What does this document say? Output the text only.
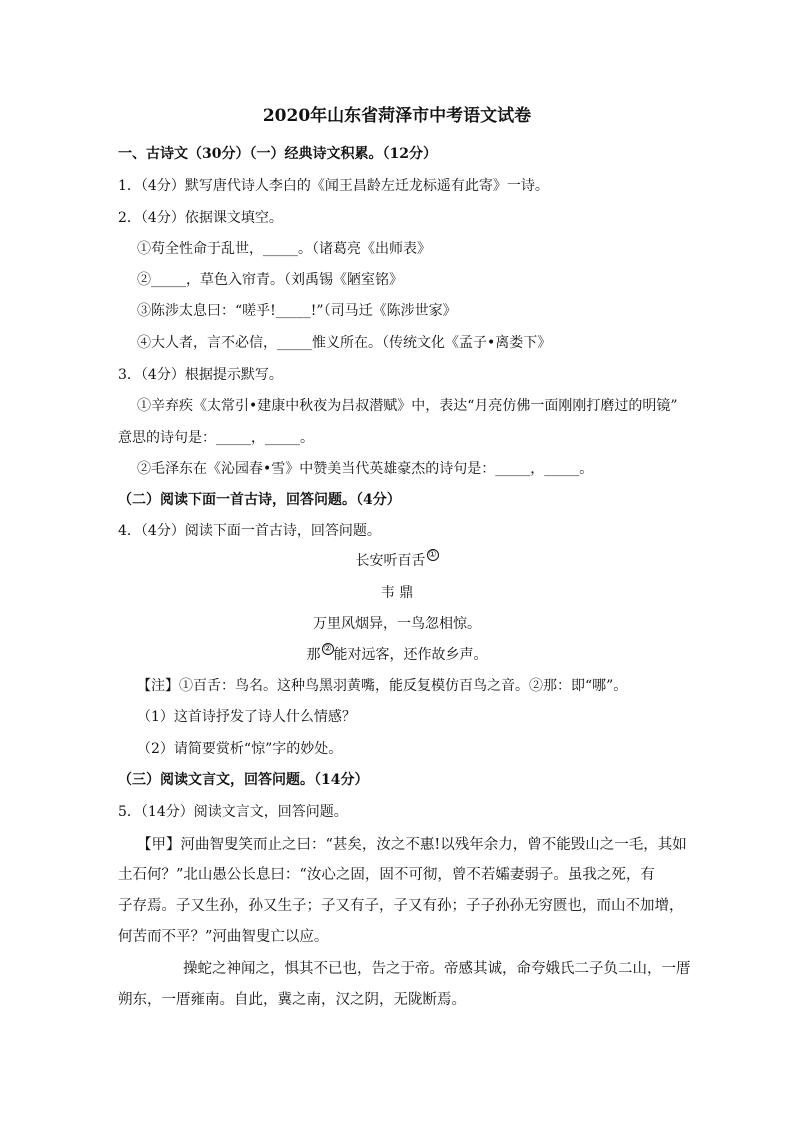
2020年山东省菏泽市中考语文试卷
一、古诗文（30分）（一）经典诗文积累。（12分）
1．（4分）默写唐代诗人李白的《闻王昌龄左迁龙标遥有此寄》一诗。
2．（4分）依据课文填空。
①苟全性命于乱世，_____。（诸葛亮《出师表》
②_____，草色入帘青。（刘禹锡《陋室铭》
③陈涉太息曰：“嗟乎!_____!”（司马迁《陈涉世家》
④大人者，言不必信，_____惟义所在。（传统文化《孟子•离娄下》
3．（4分）根据提示默写。
①辛弃疾《太常引•建康中秋夜为吕叔潜赋》中，表达“月亮仿佛一面刚刚打磨过的明镜”
意思的诗句是：_____，_____。
②毛泽东在《沁园春•雪》中赞美当代英雄豪杰的诗句是：_____，_____。
（二）阅读下面一首古诗，回答问题。（4分）
4．（4分）阅读下面一首古诗，回答问题。
长安听百舌 ①
韦 鼎
万里风烟异，一鸟忽相惊。
那 ② 能对远客，还作故乡声。
【注】①百舌：鸟名。这种鸟黑羽黄嘴，能反复模仿百鸟之音。②那：即“哪”。
（1）这首诗抒发了诗人什么情感？
（2）请简要赏析“惊”字的妙处。
（三）阅读文言文，回答问题。（14分）
5．（14分）阅读文言文，回答问题。
【甲】河曲智叟笑而止之曰：“甚矣，汝之不惠!以残年余力，曾不能毁山之一毛，其如
土石何？”北山愚公长息曰：“汝心之固，固不可彻，曾不若孀妻弱子。虽我之死，有
子存焉。子又生孙，孙又生子；子又有子，子又有孙；子子孙孙无穷匮也，而山不加增，
何苦而不平？”河曲智叟亡以应。
操蛇之神闻之，惧其不已也，告之于帝。帝感其诚，命夸娥氏二子负二山，一厝
朔东，一厝雍南。自此，冀之南，汉之阴，无陇断焉。
